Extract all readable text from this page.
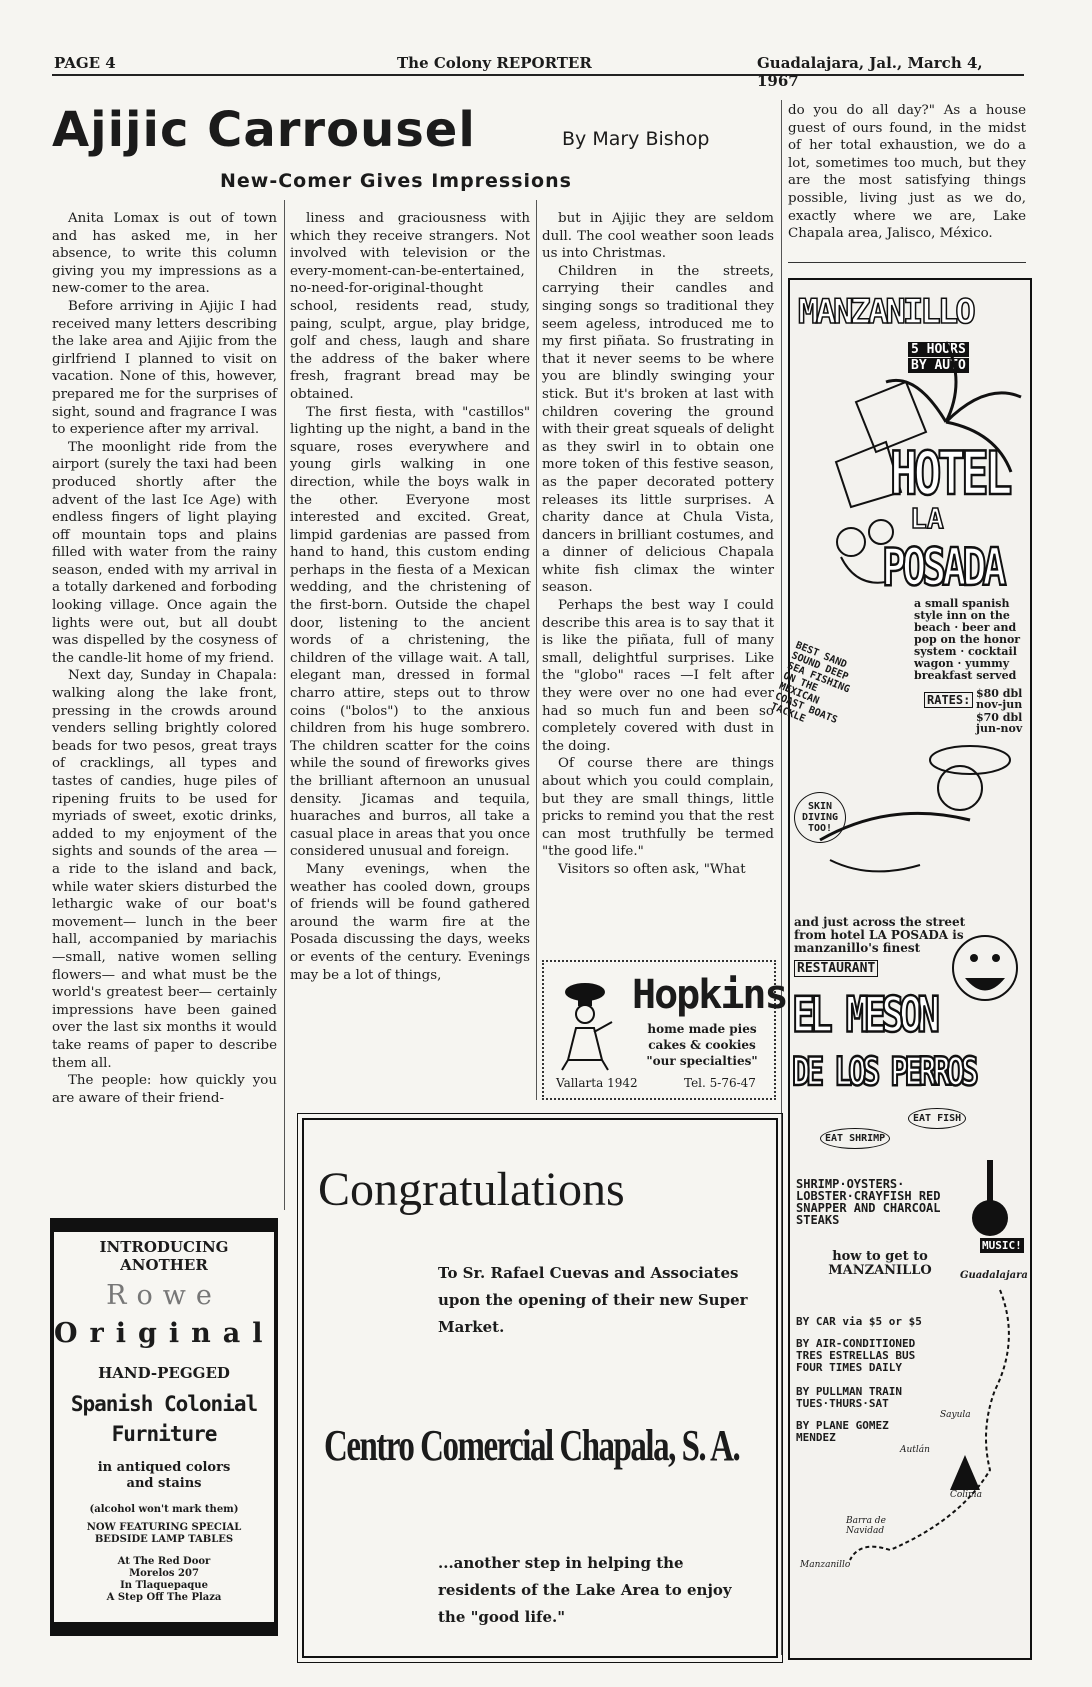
PAGE 4	The Colony REPORTER	Guadalajara, Jal., March 4, 1967
Ajijic Carrousel	By Mary Bishop
New-Comer Gives Impressions

Anita Lomax is out of town and has asked me, in her absence, to write this column giving you my impressions as a new-comer to the area.

Before arriving in Ajijic I had received many letters describing the lake area and Ajijic from the girlfriend I planned to visit on vacation. None of this, however, prepared me for the surprises of sight, sound and fragrance I was to experience after my arrival.

The moonlight ride from the airport (surely the taxi had been produced shortly after the advent of the last Ice Age) with endless fingers of light playing off mountain tops and plains filled with water from the rainy season, ended with my arrival in a totally darkened and forboding looking village. Once again the lights were out, but all doubt was dispelled by the cosyness of the candle-lit home of my friend.

Next day, Sunday in Chapala: walking along the lake front, pressing in the crowds around venders selling brightly colored beads for two pesos, great trays of cracklings, all types and tastes of candies, huge piles of ripening fruits to be used for myriads of sweet, exotic drinks, added to my enjoyment of the sights and sounds of the area —a ride to the island and back, while water skiers disturbed the lethargic wake of our boat's movement— lunch in the beer hall, accompanied by mariachis —small, native women selling flowers— and what must be the world's greatest beer— certainly impressions have been gained over the last six months it would take reams of paper to describe them all.

The people: how quickly you are aware of their friend-

liness and graciousness with which they receive strangers. Not involved with television or the every-moment-can-be-entertained, no-need-for-original-thought school, residents read, study, paing, sculpt, argue, play bridge, golf and chess, laugh and share the address of the baker where fresh, fragrant bread may be obtained.

The first fiesta, with "castillos" lighting up the night, a band in the square, roses everywhere and young girls walking in one direction, while the boys walk in the other. Everyone most interested and excited. Great, limpid gardenias are passed from hand to hand, this custom ending perhaps in the fiesta of a Mexican wedding, and the christening of the first-born. Outside the chapel door, listening to the ancient words of a christening, the children of the village wait. A tall, elegant man, dressed in formal charro attire, steps out to throw coins ("bolos") to the anxious children from his huge sombrero. The children scatter for the coins while the sound of fireworks gives the brilliant afternoon an unusual density. Jicamas and tequila, huaraches and burros, all take a casual place in areas that you once considered unusual and foreign.

Many evenings, when the weather has cooled down, groups of friends will be found gathered around the warm fire at the Posada discussing the days, weeks or events of the century. Evenings may be a lot of things,

but in Ajijic they are seldom dull. The cool weather soon leads us into Christmas.

Children in the streets, carrying their candles and singing songs so traditional they seem ageless, introduced me to my first piñata. So frustrating in that it never seems to be where you are blindly swinging your stick. But it's broken at last with children covering the ground with their great squeals of delight as they swirl in to obtain one more token of this festive season, as the paper decorated pottery releases its little surprises. A charity dance at Chula Vista, dancers in brilliant costumes, and a dinner of delicious Chapala white fish climax the winter season.

Perhaps the best way I could describe this area is to say that it is like the piñata, full of many small, delightful surprises. Like the "globo" races —I felt after they were over no one had ever had so much fun and been so completely covered with dust in the doing.

Of course there are things about which you could complain, but they are small things, little pricks to remind you that the rest can most truthfully be termed "the good life."

Visitors so often ask, "What

do you do all day?" As a house guest of ours found, in the midst of her total exhaustion, we do a lot, sometimes too much, but they are the most satisfying things possible, living just as we do, exactly where we are, Lake Chapala area, Jalisco, México.

Hopkins
home made pies
cakes & cookies
"our specialties"
Vallarta 1942	Tel. 5-76-47
Congratulations
To Sr. Rafael Cuevas and Associates upon the opening of their new Super Market.
Centro Comercial Chapala, S. A.
...another step in helping the residents of the Lake Area to enjoy the "good life."
INTRODUCING
ANOTHER
Rowe
Original
HAND-PEGGED
Spanish Colonial
Furniture
in antiqued colors
and stains
(alcohol won't mark them)
NOW FEATURING SPECIAL
BEDSIDE LAMP TABLES
At The Red Door
Morelos 207
In Tlaquepaque
A Step Off The Plaza
MANZANILLO
5 HOURS
BY AUTO
HOTEL
LA
POSADA
a small spanish style inn on the beach · beer and pop on the honor system · cocktail wagon · yummy breakfast served
BEST SAND SOUND DEEP SEA FISHING ON THE MEXICAN COAST BOATS TACKLE
RATES: $80 dbl nov-jun
$70 dbl jun-nov
SKIN DIVING TOO!
and just across the street from hotel LA POSADA is manzanillo's finest
RESTAURANT
EL MESON
DE LOS PERROS
EAT FISH
EAT SHRIMP
SHRIMP·OYSTERS· LOBSTER·CRAYFISH RED SNAPPER AND CHARCOAL STEAKS
MUSIC!
how to get to MANZANILLO	Guadalajara
BY CAR via $5 or $5
BY AIR-CONDITIONED TRES ESTRELLAS BUS FOUR TIMES DAILY
BY PULLMAN TRAIN TUES·THURS·SAT
BY PLANE GOMEZ MENDEZ
Sayula
Autlán
Colima
Barra de Navidad
Manzanillo
